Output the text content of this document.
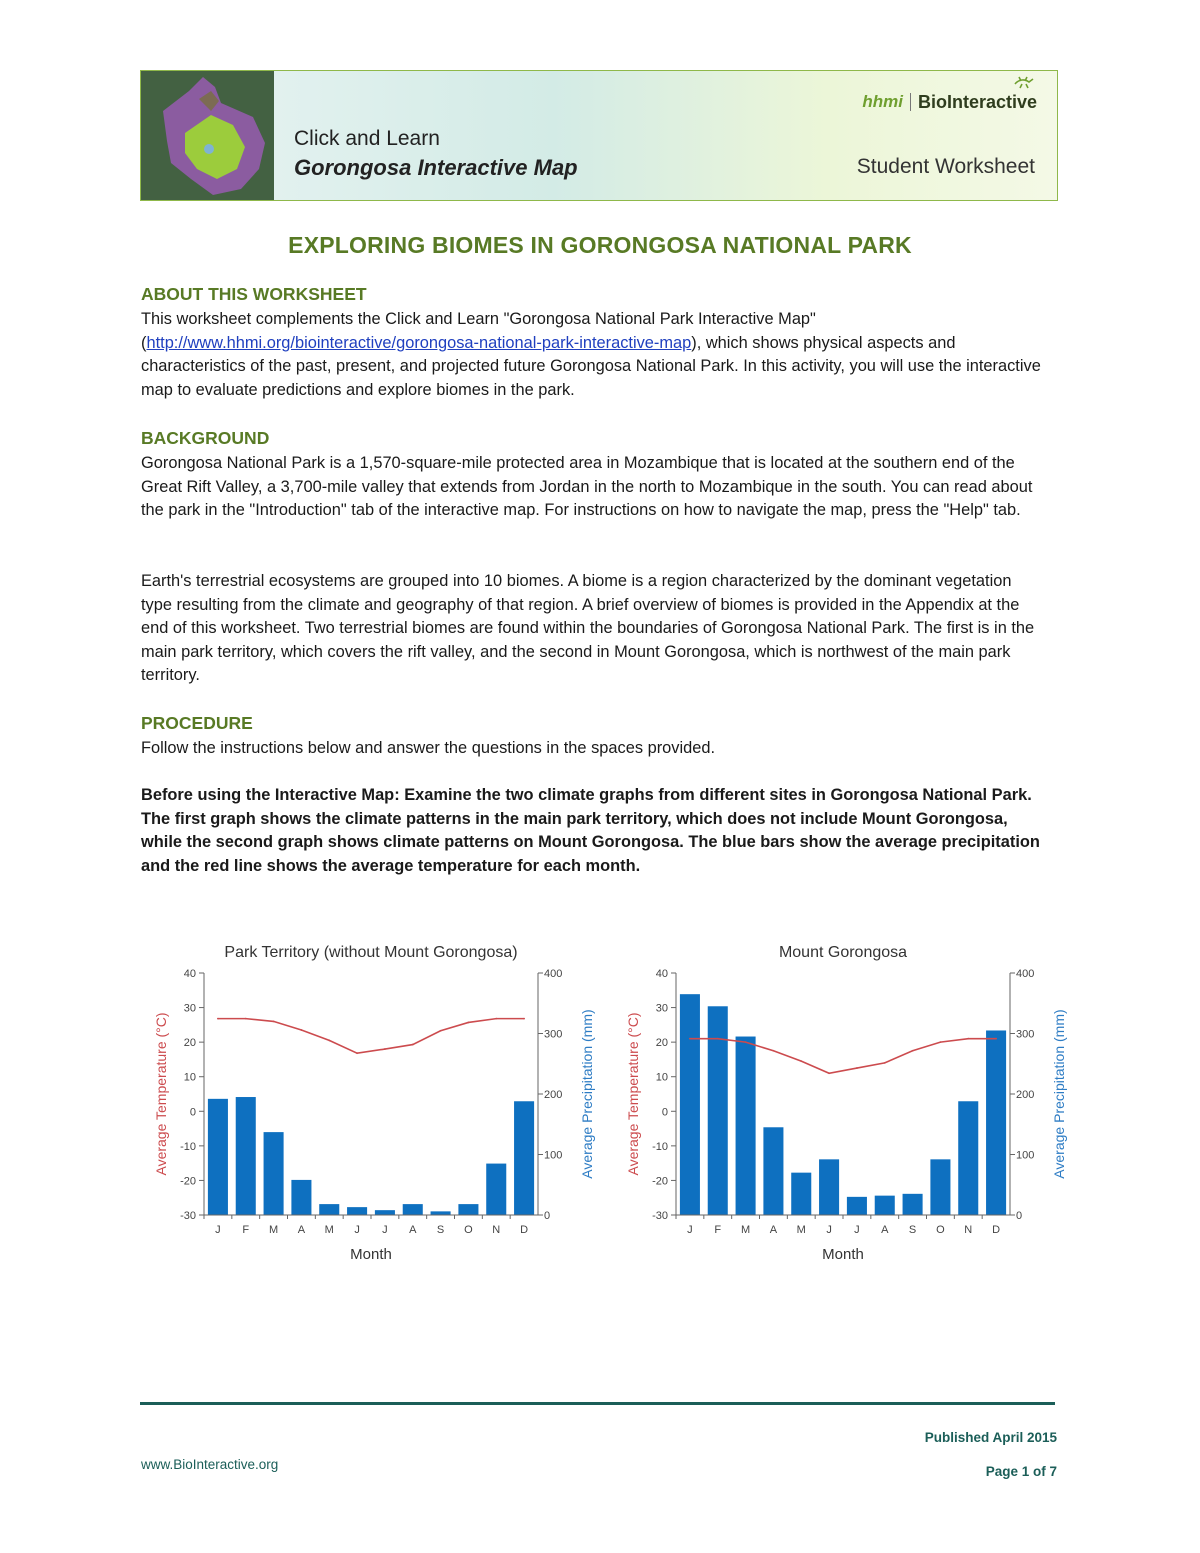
hhmi BioInteractive
Click and Learn
Gorongosa Interactive Map	Student Worksheet
EXPLORING BIOMES IN GORONGOSA NATIONAL PARK
ABOUT THIS WORKSHEET

This worksheet complements the Click and Learn "Gorongosa National Park Interactive Map" (http://www.hhmi.org/biointeractive/gorongosa-national-park-interactive-map), which shows physical aspects and characteristics of the past, present, and projected future Gorongosa National Park. In this activity, you will use the interactive map to evaluate predictions and explore biomes in the park.

BACKGROUND

Gorongosa National Park is a 1,570-square-mile protected area in Mozambique that is located at the southern end of the Great Rift Valley, a 3,700-mile valley that extends from Jordan in the north to Mozambique in the south. You can read about the park in the "Introduction" tab of the interactive map. For instructions on how to navigate the map, press the "Help" tab.

Earth's terrestrial ecosystems are grouped into 10 biomes. A biome is a region characterized by the dominant vegetation type resulting from the climate and geography of that region. A brief overview of biomes is provided in the Appendix at the end of this worksheet. Two terrestrial biomes are found within the boundaries of Gorongosa National Park. The first is in the main park territory, which covers the rift valley, and the second in Mount Gorongosa, which is northwest of the main park territory.

PROCEDURE

Follow the instructions below and answer the questions in the spaces provided.

Before using the Interactive Map: Examine the two climate graphs from different sites in Gorongosa National Park. The first graph shows the climate patterns in the main park territory, which does not include Mount Gorongosa, while the second graph shows climate patterns on Mount Gorongosa. The blue bars show the average precipitation and the red line shows the average temperature for each month.

Park Territory (without Mount Gorongosa)
40
30
20
10
0
-10
-20
-30
400
300
200
100
0
J F M A M J J A S O N D
Month
Average Temperature (°C)	Average Precipitation (mm)
Mount Gorongosa
40
30
20
10
0
-10
-20
-30
400
300
200
100
0
J F M A M J J A S O N D
Month
Average Temperature (°C)	Average Precipitation (mm)
Published April 2015
www.BioInteractive.org	Page 1 of 7
